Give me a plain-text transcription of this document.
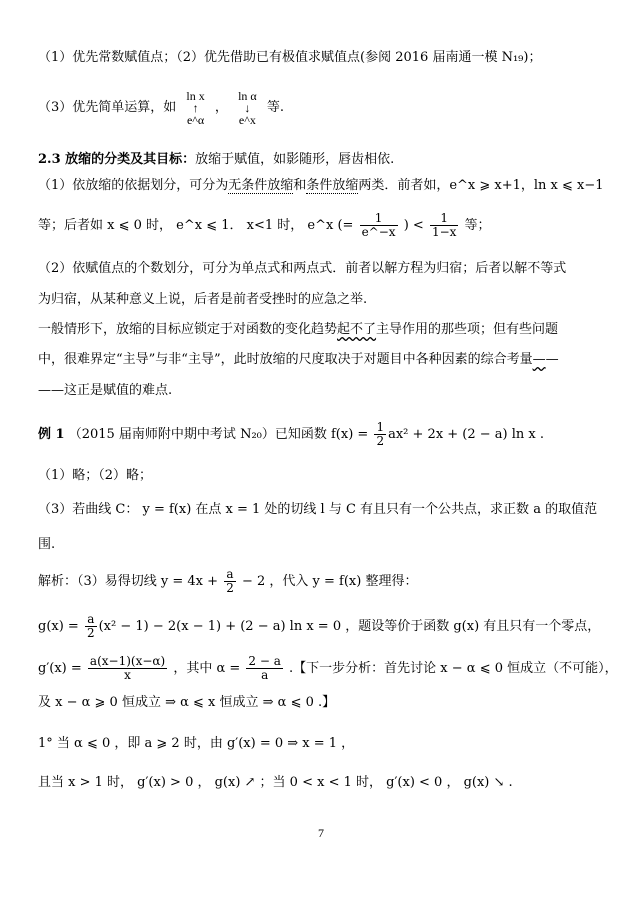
（1）优先常数赋值点；（2）优先借助已有极值求赋值点(参阅 2016 届南通一模 N₁₉)；
（3）优先简单运算，如
ln x
↑
e^α
，
ln α
↓
e^x
等.
2.3 放缩的分类及其目标：放缩于赋值，如影随形，唇齿相依.
（1）依放缩的依据划分，可分为无条件放缩和条件放缩两类．前者如，e^x ⩾ x+1，ln x ⩽ x−1
等；后者如 x ⩽ 0 时， e^x ⩽ 1． x<1 时， e^x (= $\frac{1}{e\^{}-x}$ ) < $\frac{1}{1-x}$ 等；
（2）依赋值点的个数划分，可分为单点式和两点式．前者以解方程为归宿；后者以解不等式
为归宿，从某种意义上说，后者是前者受挫时的应急之举.
一般情形下，放缩的目标应锁定于对函数的变化趋势起不了主导作用的那些项；但有些问题
中，很难界定“主导”与非“主导”，此时放缩的尺度取决于对题目中各种因素的综合考量——
——这正是赋值的难点.
例 1 （2015 届南师附中期中考试 N₂₀）已知函数 $f(x) = \frac{1}{2} ax^2 + 2x + (2 - a)$ ln x .
（1）略；（2）略；
（3）若曲线 C： y = f(x) 在点 x = 1 处的切线 l 与 C 有且只有一个公共点，求正数 a 的取值范
围.
解析：（3）易得切线 $y = 4x + \frac{a}{2} - 2$ ，代入 y = f(x) 整理得：
$g(x) = \frac{a}{2} (x^2 - 1) - 2(x - 1) + (2 - a)$ ln x = 0 ，题设等价于函数 g(x) 有且只有一个零点，
$g'(x) = \frac{a(x-1)(x-\alpha)}{x}$ ，其中 $\alpha = \frac{2 - a}{a}$ .【下一步分析：首先讨论 x − α ⩽ 0 恒成立（不可能），
及 x − α ⩾ 0 恒成立 ⇒ α ⩽ x 恒成立 ⇒ α ⩽ 0 .】
1° 当 α ⩽ 0 ，即 a ⩾ 2 时，由 g′(x) = 0 ⇒ x = 1 ，
且当 x > 1 时， g′(x) > 0 ， g(x) ↗ ；当 0 < x < 1 时， g′(x) < 0 ， g(x) ↘ .
7
